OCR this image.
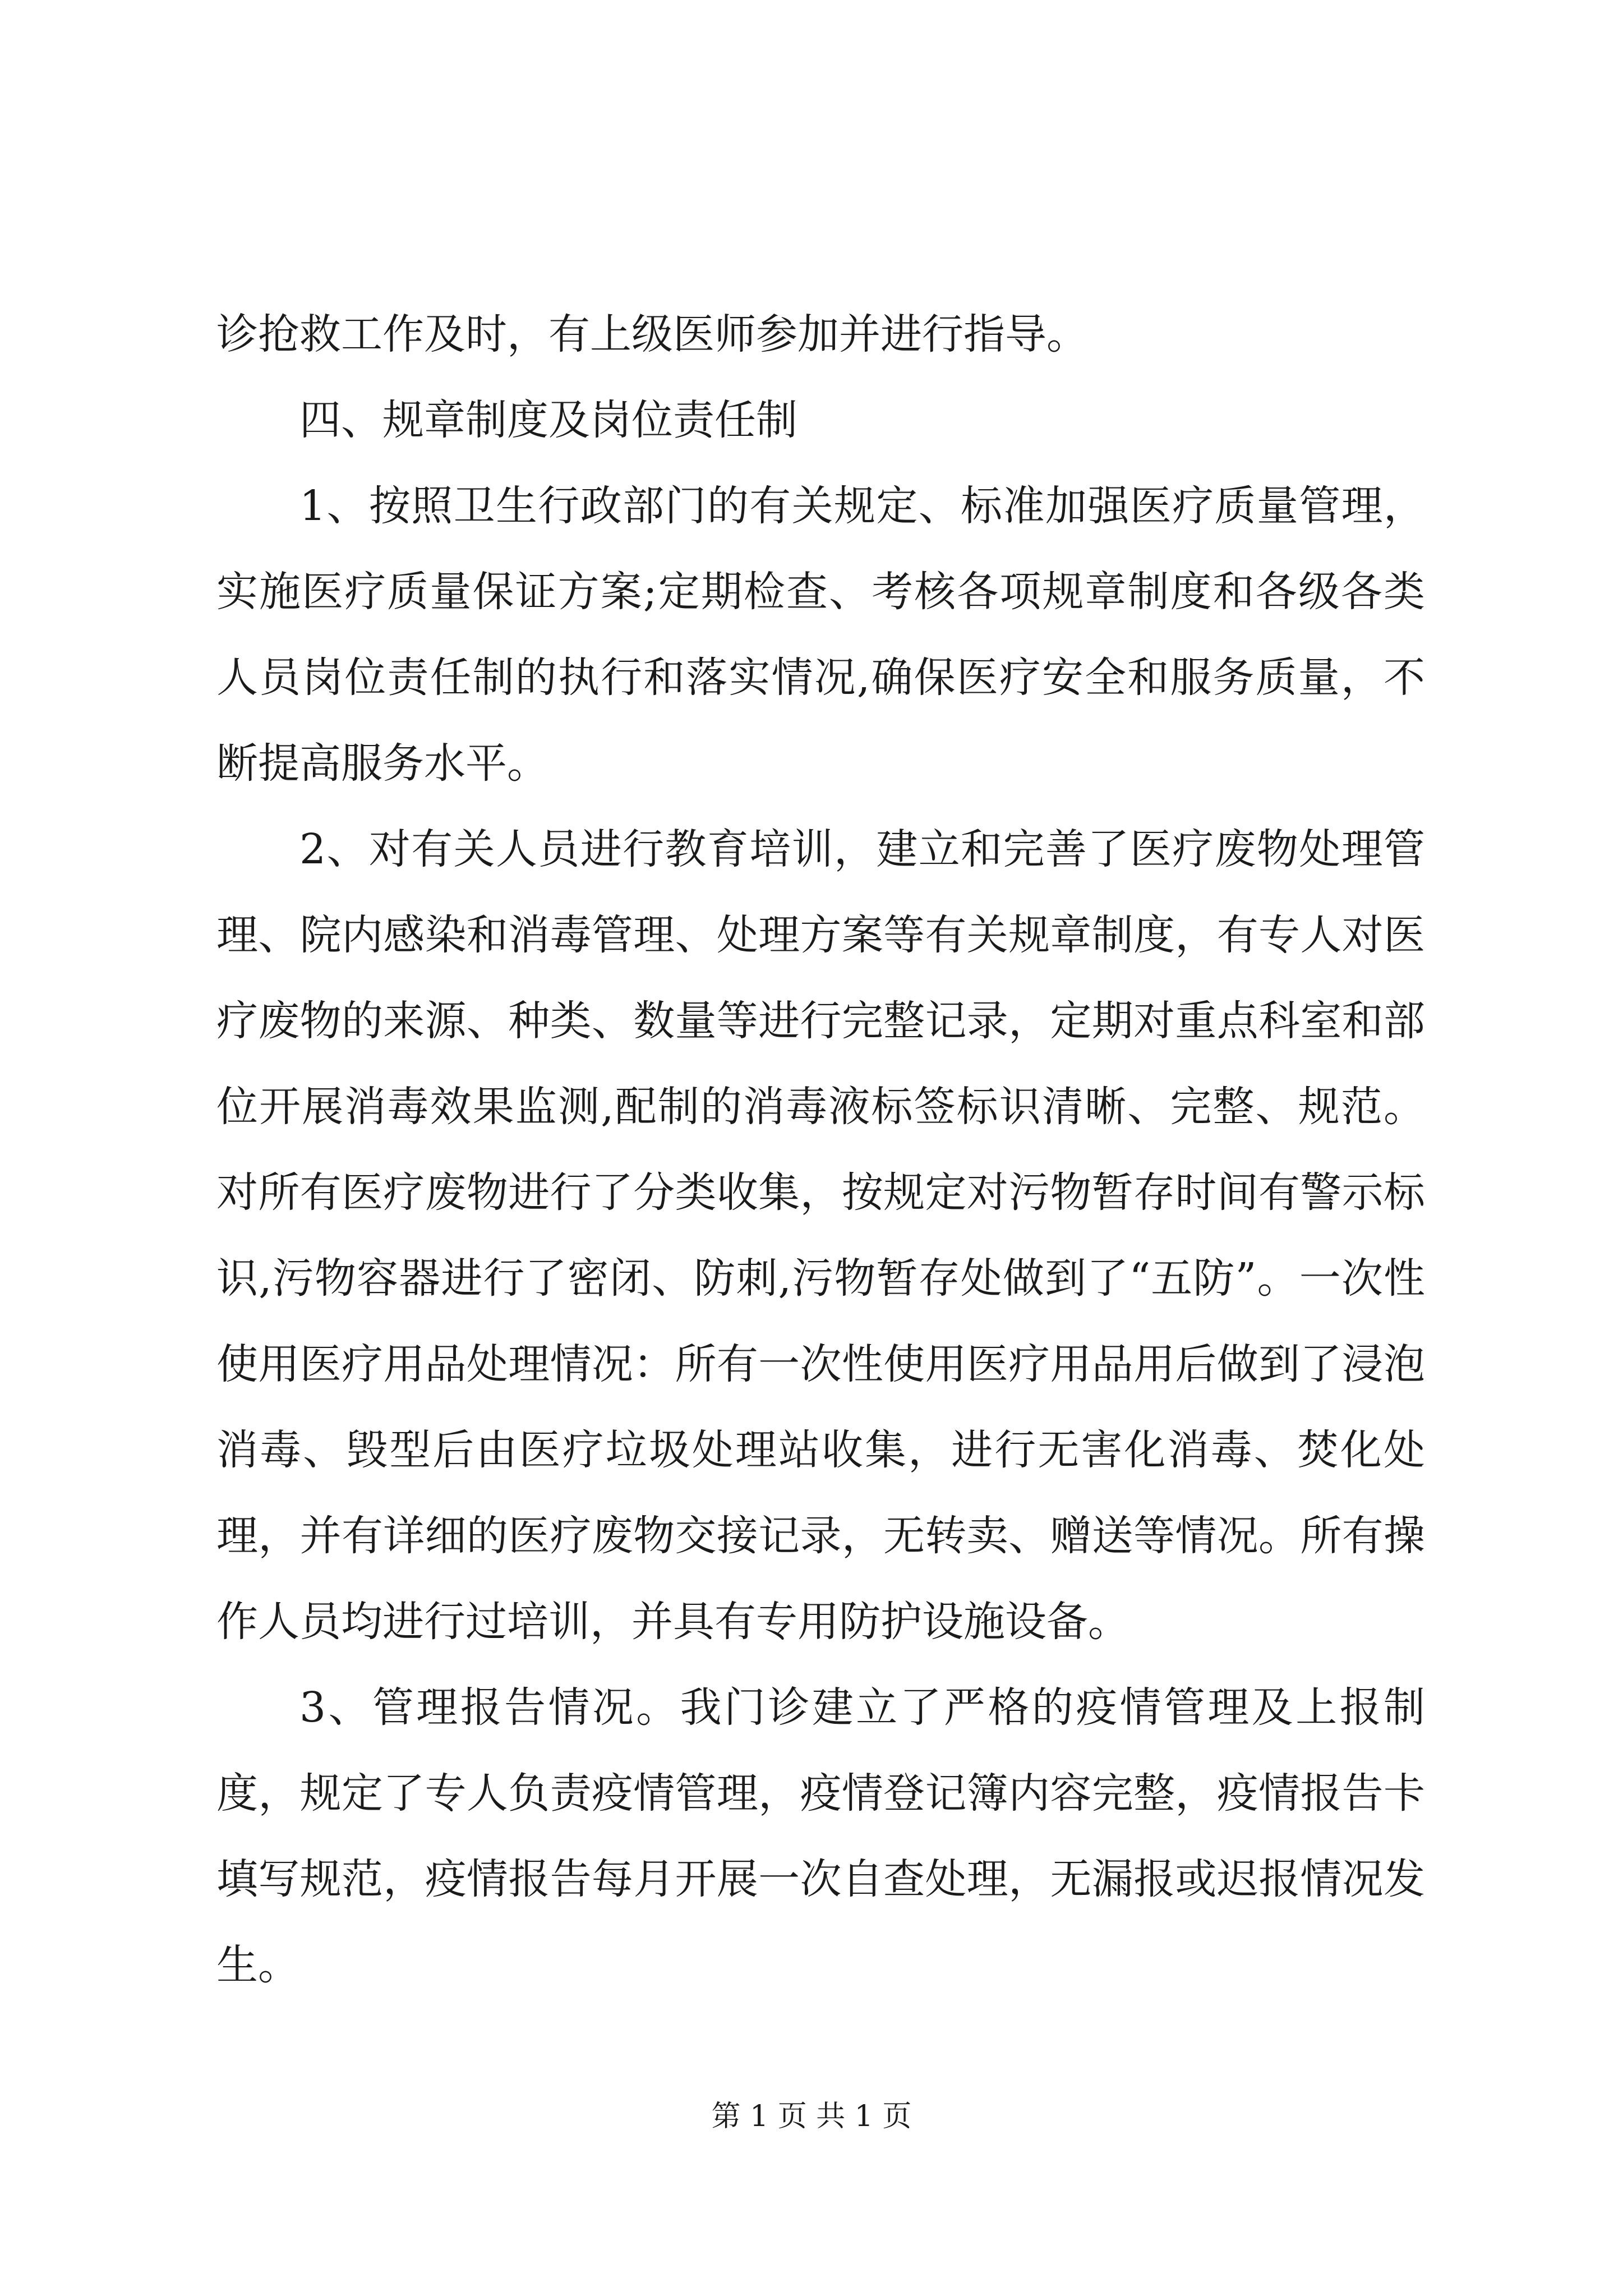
诊抢救工作及时，有上级医师参加并进行指导。

四、规章制度及岗位责任制

1、按照卫生行政部门的有关规定、标准加强医疗质量管理，实施医疗质量保证方案;定期检查、考核各项规章制度和各级各类人员岗位责任制的执行和落实情况,确保医疗安全和服务质量，不断提高服务水平。

2、对有关人员进行教育培训，建立和完善了医疗废物处理管理、院内感染和消毒管理、处理方案等有关规章制度，有专人对医疗废物的来源、种类、数量等进行完整记录，定期对重点科室和部位开展消毒效果监测,配制的消毒液标签标识清晰、完整、规范。对所有医疗废物进行了分类收集，按规定对污物暂存时间有警示标识,污物容器进行了密闭、防刺,污物暂存处做到了“五防”。一次性使用医疗用品处理情况：所有一次性使用医疗用品用后做到了浸泡消毒、毁型后由医疗垃圾处理站收集，进行无害化消毒、焚化处理，并有详细的医疗废物交接记录，无转卖、赠送等情况。所有操作人员均进行过培训，并具有专用防护设施设备。

3、管理报告情况。我门诊建立了严格的疫情管理及上报制度，规定了专人负责疫情管理，疫情登记簿内容完整，疫情报告卡填写规范，疫情报告每月开展一次自查处理，无漏报或迟报情况发生。

第 1 页 共 1 页
